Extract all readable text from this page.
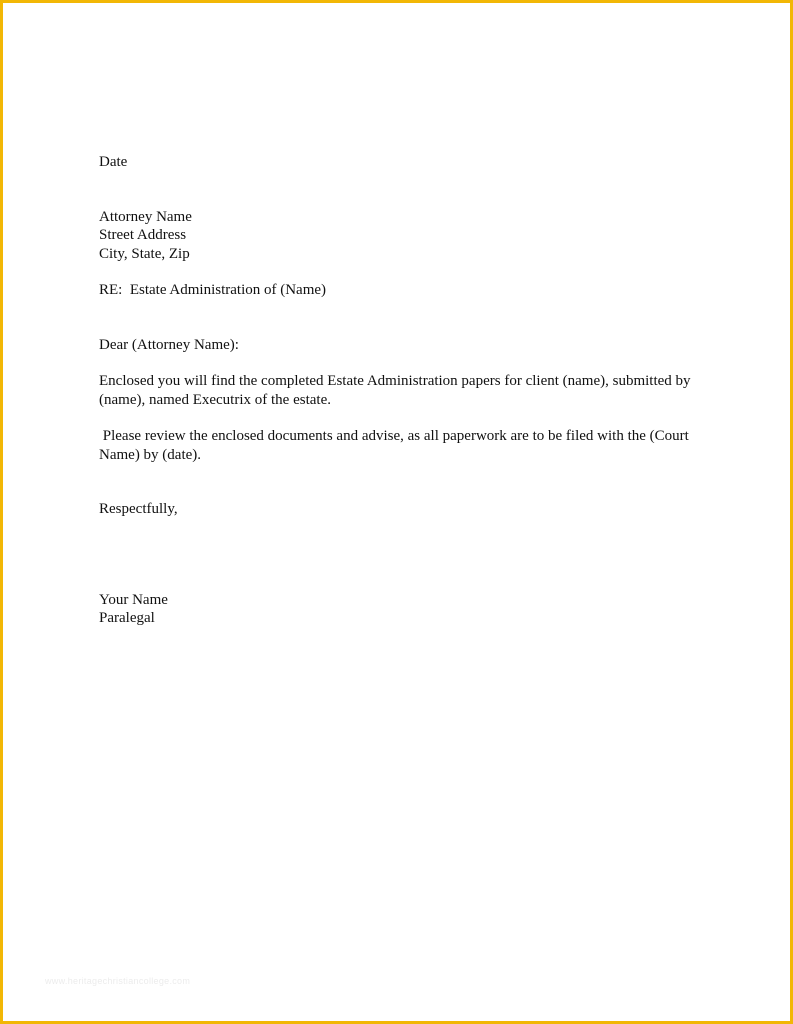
Date
Attorney Name
Street Address
City, State, Zip
RE:  Estate Administration of (Name)
Dear (Attorney Name):
Enclosed you will find the completed Estate Administration papers for client (name), submitted by (name), named Executrix of the estate.
Please review the enclosed documents and advise, as all paperwork are to be filed with the (Court Name) by (date).
Respectfully,
Your Name
Paralegal
www.heritagechristiancollege.com
